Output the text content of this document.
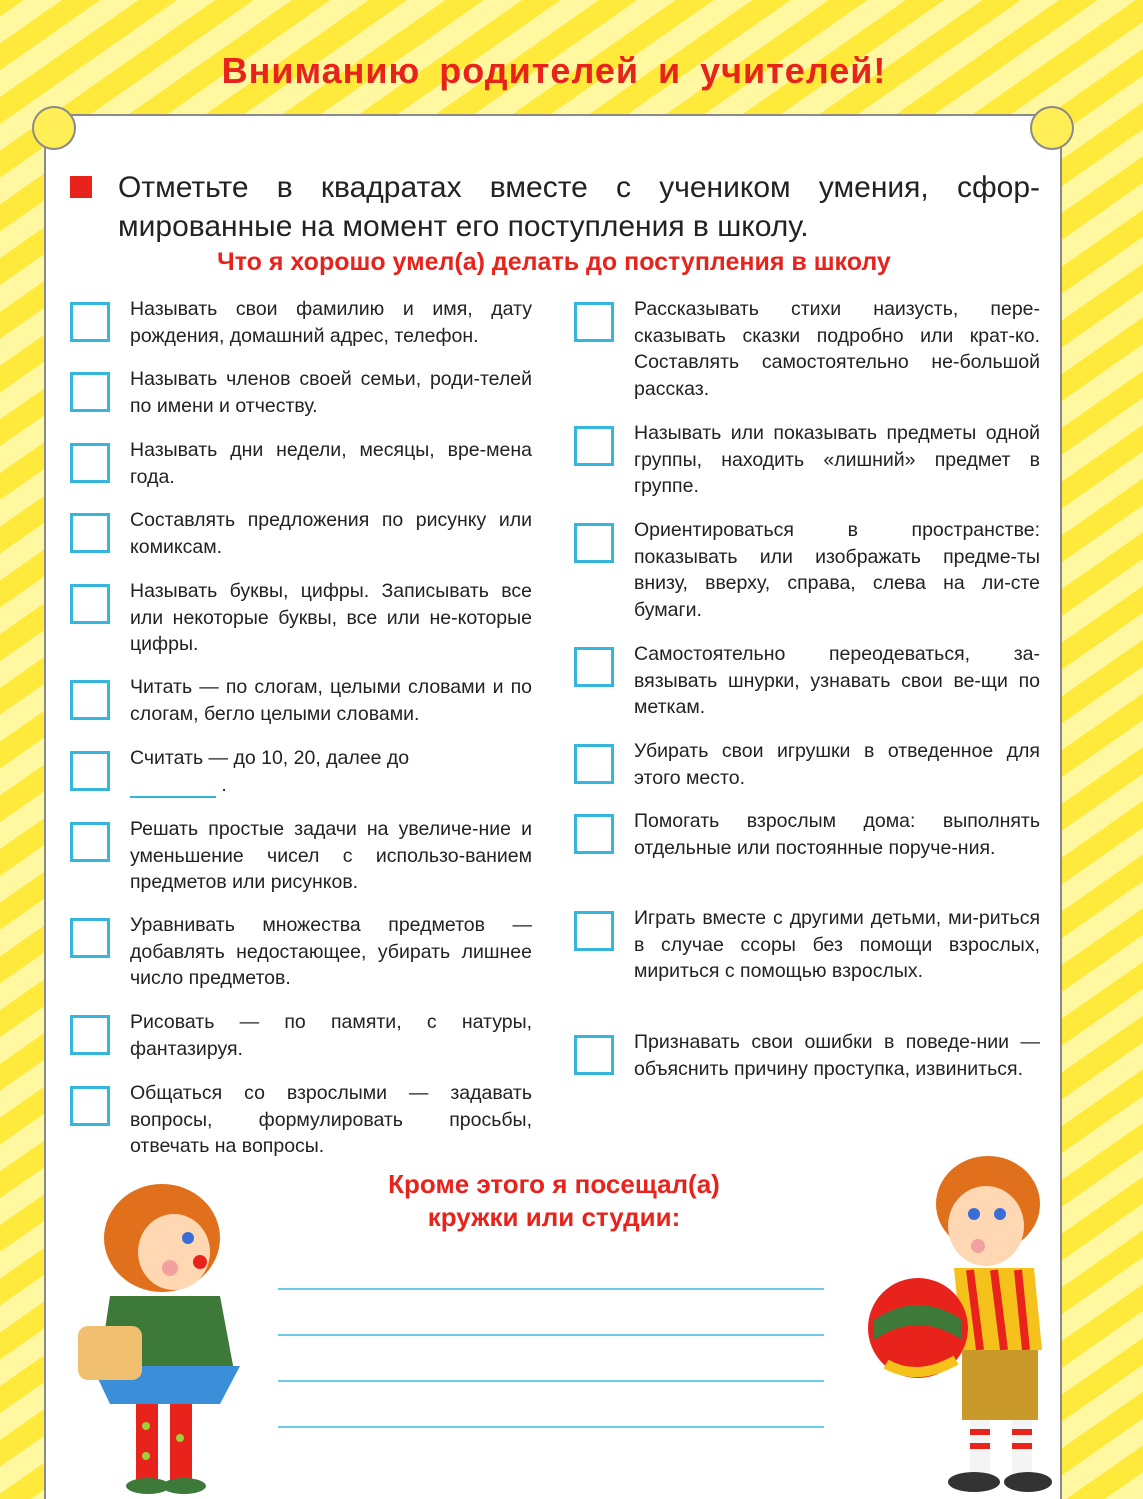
Вниманию родителей и учителей!
Отметьте в квадратах вместе с учеником умения, сфор-мированные на момент его поступления в школу.
Что я хорошо умел(а) делать до поступления в школу
Называть свои фамилию и имя, дату рождения, домашний адрес, телефон.
Называть членов своей семьи, роди-телей по имени и отчеству.
Называть дни недели, месяцы, вре-мена года.
Составлять предложения по рисунку или комиксам.
Называть буквы, цифры. Записывать все или некоторые буквы, все или не-которые цифры.
Читать — по слогам, целыми словами и по слогам, бегло целыми словами.
Считать — до 10, 20, далее до
.
Решать простые задачи на увеличе-ние и уменьшение чисел с использо-ванием предметов или рисунков.
Уравнивать множества предметов — добавлять недостающее, убирать лишнее число предметов.
Рисовать — по памяти, с натуры, фантазируя.
Общаться со взрослыми — задавать вопросы, формулировать просьбы, отвечать на вопросы.
Рассказывать стихи наизусть, пере-сказывать сказки подробно или крат-ко. Составлять самостоятельно не-большой рассказ.
Называть или показывать предметы одной группы, находить «лишний» предмет в группе.
Ориентироваться в пространстве: показывать или изображать предме-ты внизу, вверху, справа, слева на ли-сте бумаги.
Самостоятельно переодеваться, за-вязывать шнурки, узнавать свои ве-щи по меткам.
Убирать свои игрушки в отведенное для этого место.
Помогать взрослым дома: выполнять отдельные или постоянные поруче-ния.
Играть вместе с другими детьми, ми-риться в случае ссоры без помощи взрослых, мириться с помощью взрослых.
Признавать свои ошибки в поведе-нии — объяснить причину проступка, извиниться.
Кроме этого я посещал(а)
кружки или студии:
